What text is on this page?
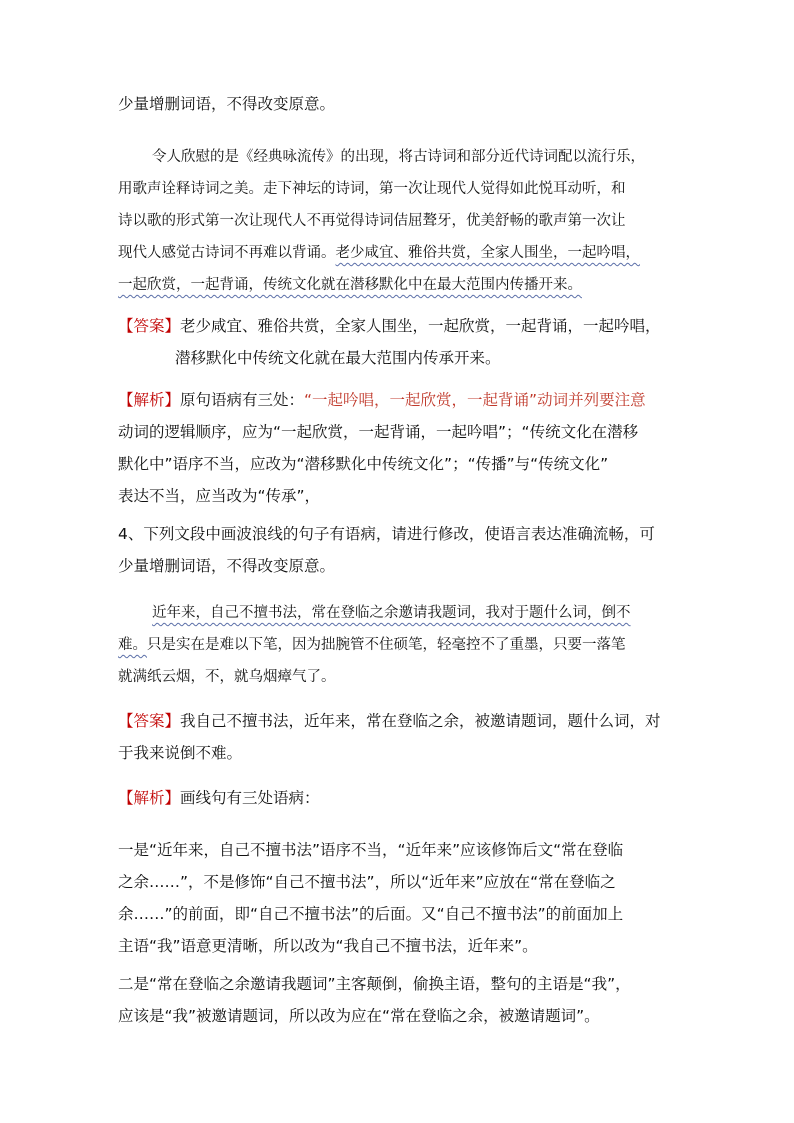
少量增删词语，不得改变原意。
令人欣慰的是《经典咏流传》的出现，将古诗词和部分近代诗词配以流行乐，
用歌声诠释诗词之美。走下神坛的诗词，第一次让现代人觉得如此悦耳动听，和
诗以歌的形式第一次让现代人不再觉得诗词佶屈聱牙，优美舒畅的歌声第一次让
现代人感觉古诗词不再难以背诵。老少咸宜、雅俗共赏，全家人围坐，一起吟唱，
一起欣赏，一起背诵，传统文化就在潜移默化中在最大范围内传播开来。
【答案】老少咸宜、雅俗共赏，全家人围坐，一起欣赏，一起背诵，一起吟唱，
潜移默化中传统文化就在最大范围内传承开来。
【解析】原句语病有三处：“一起吟唱，一起欣赏，一起背诵”动词并列要注意
动词的逻辑顺序，应为“一起欣赏，一起背诵，一起吟唱”；“传统文化在潜移
默化中”语序不当，应改为“潜移默化中传统文化”；“传播”与“传统文化”
表达不当，应当改为“传承”，
4、下列文段中画波浪线的句子有语病，请进行修改，使语言表达准确流畅，可
少量增删词语，不得改变原意。
近年来，自己不擅书法，常在登临之余邀请我题词，我对于题什么词，倒不
难。只是实在是难以下笔，因为拙腕管不住硕笔，轻毫控不了重墨，只要一落笔
就满纸云烟，不，就乌烟瘴气了。
【答案】我自己不擅书法，近年来，常在登临之余，被邀请题词，题什么词，对
于我来说倒不难。
【解析】画线句有三处语病：
一是“近年来，自己不擅书法”语序不当，“近年来”应该修饰后文“常在登临
之余……”，不是修饰“自己不擅书法”，所以“近年来”应放在“常在登临之
余……”的前面，即“自己不擅书法”的后面。又“自己不擅书法”的前面加上
主语“我”语意更清晰，所以改为“我自己不擅书法，近年来”。
二是“常在登临之余邀请我题词”主客颠倒，偷换主语，整句的主语是“我”，
应该是“我”被邀请题词，所以改为应在“常在登临之余，被邀请题词”。
